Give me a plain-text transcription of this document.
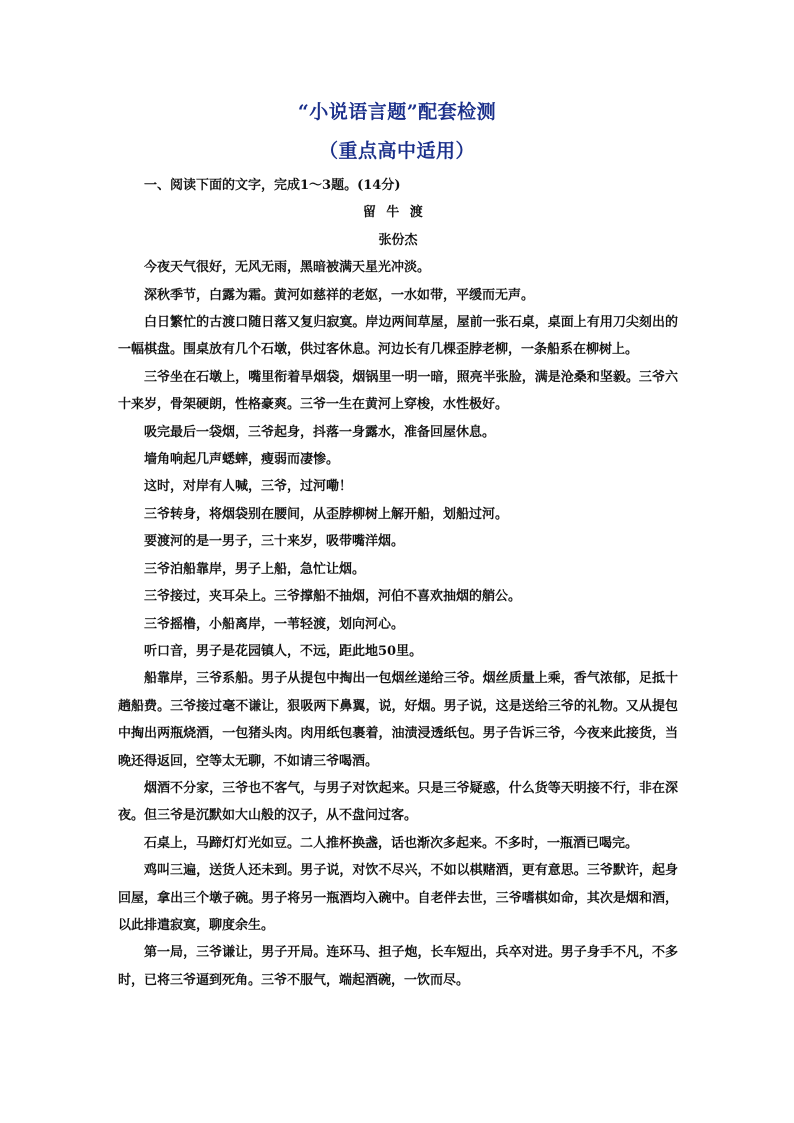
“小说语言题”配套检测
（重点高中适用）

一、阅读下面的文字，完成1～3题。(14分)

留牛渡

张份杰

今夜天气很好，无风无雨，黑暗被满天星光冲淡。

深秋季节，白露为霜。黄河如慈祥的老妪，一水如带，平缓而无声。

白日繁忙的古渡口随日落又复归寂寞。岸边两间草屋，屋前一张石桌，桌面上有用刀尖刻出的一幅棋盘。围桌放有几个石墩，供过客休息。河边长有几棵歪脖老柳，一条船系在柳树上。

三爷坐在石墩上，嘴里衔着旱烟袋，烟锅里一明一暗，照亮半张脸，满是沧桑和坚毅。三爷六十来岁，骨架硬朗，性格豪爽。三爷一生在黄河上穿梭，水性极好。

吸完最后一袋烟，三爷起身，抖落一身露水，准备回屋休息。

墙角响起几声蟋蟀，瘦弱而凄惨。

这时，对岸有人喊，三爷，过河嘞！

三爷转身，将烟袋别在腰间，从歪脖柳树上解开船，划船过河。

要渡河的是一男子，三十来岁，吸带嘴洋烟。

三爷泊船靠岸，男子上船，急忙让烟。

三爷接过，夹耳朵上。三爷撑船不抽烟，河伯不喜欢抽烟的艄公。

三爷摇橹，小船离岸，一苇轻渡，划向河心。

听口音，男子是花园镇人，不远，距此地50里。

船靠岸，三爷系船。男子从提包中掏出一包烟丝递给三爷。烟丝质量上乘，香气浓郁，足抵十趟船费。三爷接过毫不谦让，狠吸两下鼻翼，说，好烟。男子说，这是送给三爷的礼物。又从提包中掏出两瓶烧酒，一包猪头肉。肉用纸包裹着，油渍浸透纸包。男子告诉三爷，今夜来此接货，当晚还得返回，空等太无聊，不如请三爷喝酒。

烟酒不分家，三爷也不客气，与男子对饮起来。只是三爷疑惑，什么货等天明接不行，非在深夜。但三爷是沉默如大山般的汉子，从不盘问过客。

石桌上，马蹄灯灯光如豆。二人推杯换盏，话也渐次多起来。不多时，一瓶酒已喝完。

鸡叫三遍，送货人还未到。男子说，对饮不尽兴，不如以棋赌酒，更有意思。三爷默许，起身回屋，拿出三个墩子碗。男子将另一瓶酒均入碗中。自老伴去世，三爷嗜棋如命，其次是烟和酒，以此排遣寂寞，聊度余生。

第一局，三爷谦让，男子开局。连环马、担子炮，长车短出，兵卒对进。男子身手不凡，不多时，已将三爷逼到死角。三爷不服气，端起酒碗，一饮而尽。
